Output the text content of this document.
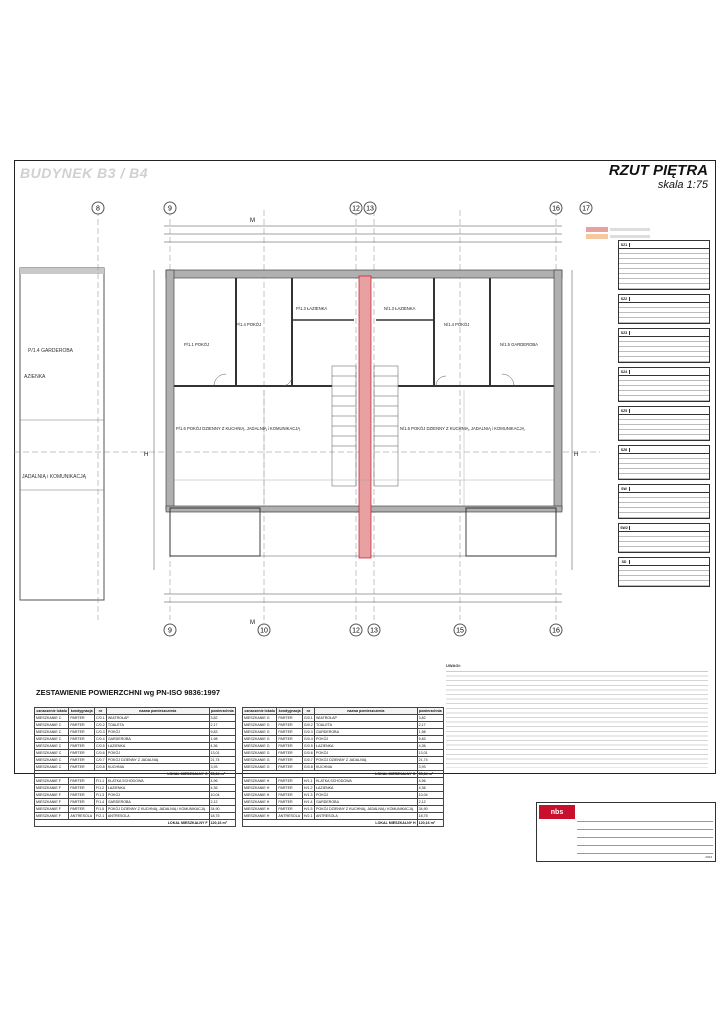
BUDYNEK B3 / B4	RZUT PIĘTRA
skala 1:75
P/1.4 GARDEROBA
AZIENKA
JADALNIĄ i KOMUNIKACJĄ
8	9	12 13	16	17
9	10	12 13	15	16
P/1.1 POKÓJ
P/1.4 POKÓJ
P/1.3 ŁAZIENKA
P/1.6 POKÓJ DZIENNY Z KUCHNIĄ, JADALNIĄ i KOMUNIKACJĄ
N/1.3 ŁAZIENKA
N/1.4 POKÓJ
N/1.5 GARDEROBA
N/1.6 POKÓJ DZIENNY Z KUCHNIĄ, JADALNIĄ i KOMUNIKACJĄ
M
M
H	H
SZ1
SZ2
SZ3
SZ4
SZ5
SZ6
SW
SW2
SD
ZESTAWIENIE POWIERZCHNI wg PN-ISO 9836:1997

oznaczenie lokalu	kondygnacja	nr	nazwa pomieszczenia	powierzchnia
MIESZKANIE C	PARTER	C/0.1	WIATROŁAP	3,82
MIESZKANIE C	PARTER	C/0.2	TOALETA	2,17
MIESZKANIE C	PARTER	C/0.3	POKÓJ	9,83
MIESZKANIE C	PARTER	C/0.4	GARDEROBA	1,98
MIESZKANIE C	PARTER	C/0.5	ŁAZIENKA	4,36
MIESZKANIE C	PARTER	C/0.6	POKÓJ	13,01
MIESZKANIE C	PARTER	C/0.7	POKÓJ DZIENNY Z JADALNIĄ	21,74
MIESZKANIE C	PARTER	C/0.8	KUCHNIA	3,93
LOKAL MIESZKALNY C				55,64 m²
MIESZKANIE F	PARTER	F/1.1	KLATKA SCHODOWA	4,96
MIESZKANIE F	PARTER	F/1.2	ŁAZIENKA	4,36
MIESZKANIE F	PARTER	F/1.3	POKÓJ	10,04
MIESZKANIE F	PARTER	F/1.4	GARDEROBA	2,12
MIESZKANIE F	PARTER	F/1.5	POKÓJ DZIENNY Z KUCHNIĄ, JADALNIĄ i KOMUNIKACJĄ	34,90
MIESZKANIE F	ANTRESOLA	F/2.1	ANTRESOLA	18,75
LOKAL MIESZKALNY F				120,16 m²
oznaczenie lokalu	kondygnacja	nr	nazwa pomieszczenia	powierzchnia
MIESZKANIE G	PARTER	G/0.1	WIATROŁAP	3,82
MIESZKANIE G	PARTER	G/0.2	TOALETA	2,17
MIESZKANIE G	PARTER	G/0.3	GARDEROBA	1,98
MIESZKANIE G	PARTER	G/0.4	POKÓJ	9,83
MIESZKANIE G	PARTER	G/0.5	ŁAZIENKA	4,36
MIESZKANIE G	PARTER	G/0.6	POKÓJ	13,01
MIESZKANIE G	PARTER	G/0.7	POKÓJ DZIENNY Z JADALNIĄ	21,74
MIESZKANIE G	PARTER	G/0.8	KUCHNIA	3,93
LOKAL MIESZKALNY G				55,64 m²
MIESZKANIE H	PARTER	H/1.1	KLATKA SCHODOWA	4,96
MIESZKANIE H	PARTER	H/1.2	ŁAZIENKA	4,36
MIESZKANIE H	PARTER	H/1.3	POKÓJ	10,04
MIESZKANIE H	PARTER	H/1.4	GARDEROBA	2,12
MIESZKANIE H	PARTER	H/1.5	POKÓJ DZIENNY Z KUCHNIĄ, JADALNIĄ i KOMUNIKACJĄ	34,90
MIESZKANIE H	ANTRESOLA	H/2.1	ANTRESOLA	18,75
LOKAL MIESZKALNY H				120,16 m²
UWAGI:
nbs
2023
